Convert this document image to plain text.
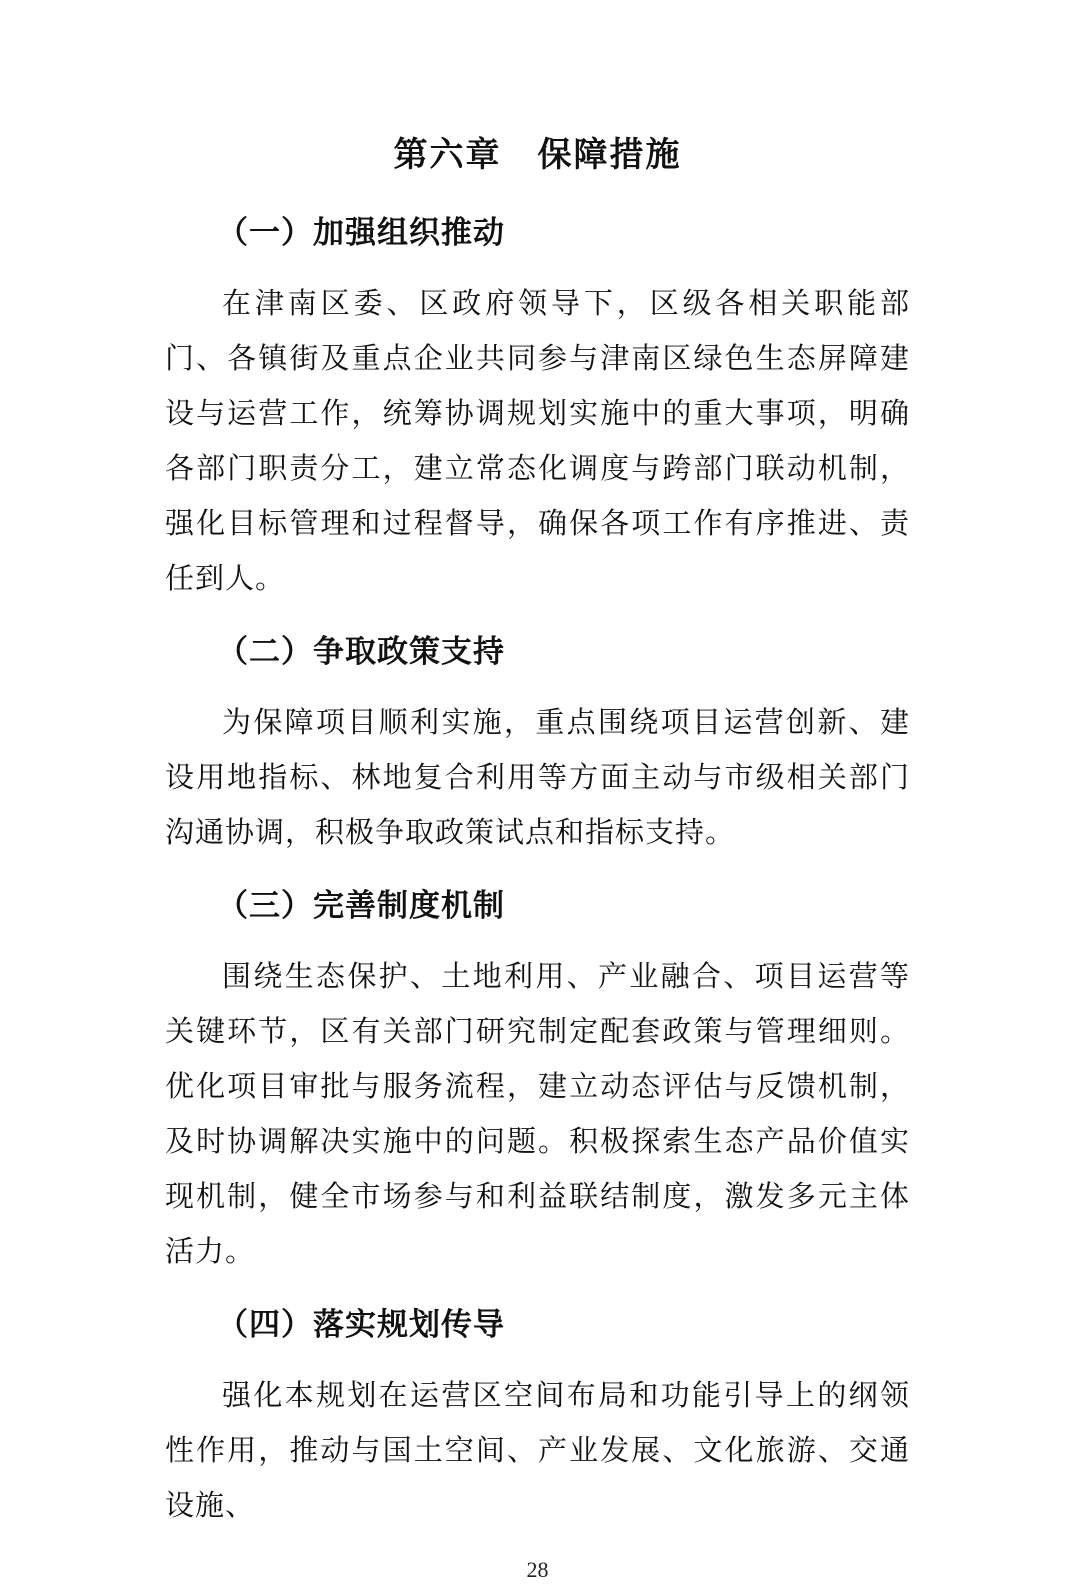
第六章　保障措施
（一）加强组织推动

在津南区委、区政府领导下，区级各相关职能部门、各镇街及重点企业共同参与津南区绿色生态屏障建设与运营工作，统筹协调规划实施中的重大事项，明确各部门职责分工，建立常态化调度与跨部门联动机制，强化目标管理和过程督导，确保各项工作有序推进、责任到人。

（二）争取政策支持

为保障项目顺利实施，重点围绕项目运营创新、建设用地指标、林地复合利用等方面主动与市级相关部门沟通协调，积极争取政策试点和指标支持。

（三）完善制度机制

围绕生态保护、土地利用、产业融合、项目运营等关键环节，区有关部门研究制定配套政策与管理细则。优化项目审批与服务流程，建立动态评估与反馈机制，及时协调解决实施中的问题。积极探索生态产品价值实现机制，健全市场参与和利益联结制度，激发多元主体活力。

（四）落实规划传导

强化本规划在运营区空间布局和功能引导上的纲领性作用，推动与国土空间、产业发展、文化旅游、交通设施、

28
